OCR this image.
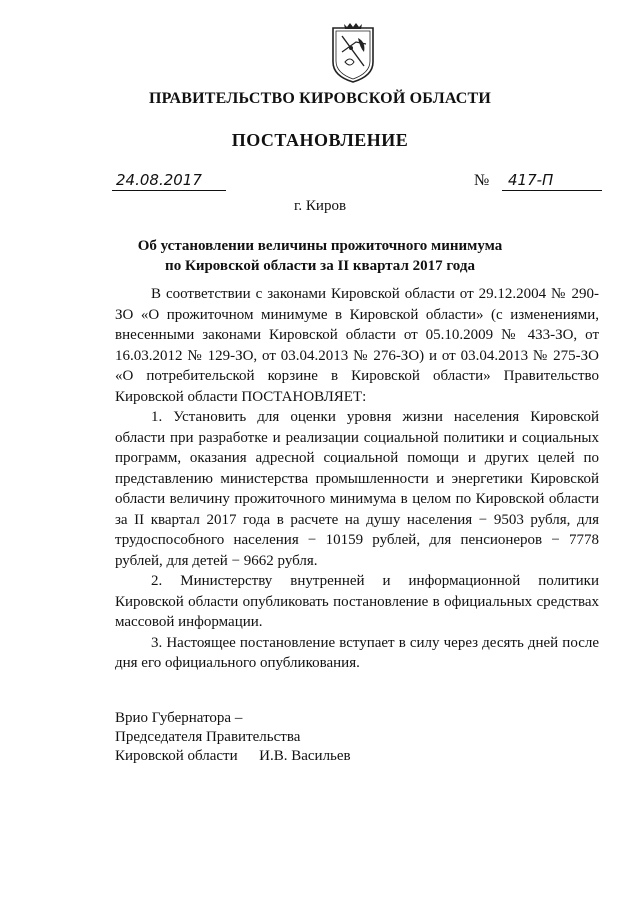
ПРАВИТЕЛЬСТВО КИРОВСКОЙ ОБЛАСТИ
ПОСТАНОВЛЕНИЕ
24.08.2017	№	417-П
г. Киров
Об установлении величины прожиточного минимума
по Кировской области за II квартал 2017 года

В соответствии с законами Кировской области от 29.12.2004 № 290-ЗО «О прожиточном минимуме в Кировской области» (с изменениями, внесенными законами Кировской области от 05.10.2009 № 433-ЗО, от 16.03.2012 № 129-ЗО, от 03.04.2013 № 276-ЗО) и от 03.04.2013 № 275-ЗО «О потребительской корзине в Кировской области» Правительство Кировской области ПОСТАНОВЛЯЕТ:

1. Установить для оценки уровня жизни населения Кировской области при разработке и реализации социальной политики и социальных программ, оказания адресной социальной помощи и других целей по представлению министерства промышленности и энергетики Кировской области величину прожиточного минимума в целом по Кировской области за II квартал 2017 года в расчете на душу населения − 9503 рубля, для трудоспособного населения − 10159 рублей, для пенсионеров − 7778 рублей, для детей − 9662 рубля.

2. Министерству внутренней и информационной политики Кировской области опубликовать постановление в официальных средствах массовой информации.

3. Настоящее постановление вступает в силу через десять дней после дня его официального опубликования.

Врио Губернатора –
Председателя Правительства
Кировской области И.В. Васильев
